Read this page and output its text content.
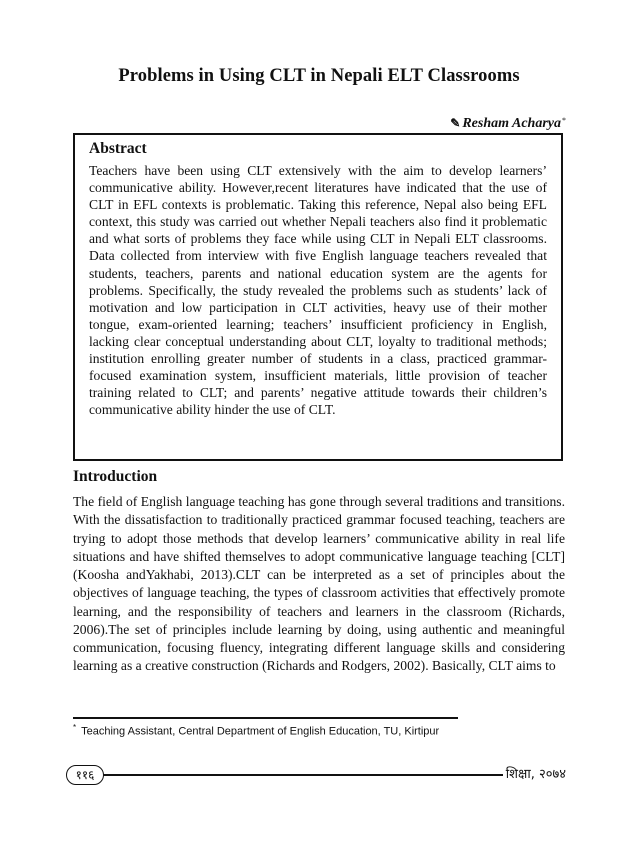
Problems in Using CLT in Nepali ELT Classrooms
✎ Resham Acharya*
Abstract
Teachers have been using CLT extensively with the aim to develop learners’ communicative ability. However,recent literatures have indicated that the use of CLT in EFL contexts is problematic. Taking this reference, Nepal also being EFL context, this study was carried out whether Nepali teachers also find it problematic and what sorts of problems they face while using CLT in Nepali ELT classrooms. Data collected from interview with five English language teachers revealed that students, teachers, parents and national education system are the agents for problems. Specifically, the study revealed the problems such as students’ lack of motivation and low participation in CLT activities, heavy use of their mother tongue, exam-oriented learning; teachers’ insufficient proficiency in English, lacking clear conceptual understanding about CLT, loyalty to traditional methods; institution enrolling greater number of students in a class, practiced grammar-focused examination system, insufficient materials, little provision of teacher training related to CLT; and parents’ negative attitude towards their children’s communicative ability hinder the use of CLT.
Introduction
The field of English language teaching has gone through several traditions and transitions. With the dissatisfaction to traditionally practiced grammar focused teaching, teachers are trying to adopt those methods that develop learners’ communicative ability in real life situations and have shifted themselves to adopt communicative language teaching [CLT](Koosha andYakhabi, 2013).CLT can be interpreted as a set of principles about the objectives of language teaching, the types of classroom activities that effectively promote learning, and the responsibility of teachers and learners in the classroom (Richards, 2006).The set of principles include learning by doing, using authentic and meaningful communication, focusing fluency, integrating different language skills and considering learning as a creative construction (Richards and Rodgers, 2002). Basically, CLT aims to
* Teaching Assistant, Central Department of English Education, TU, Kirtipur
११६	शिक्षा, २०७४
